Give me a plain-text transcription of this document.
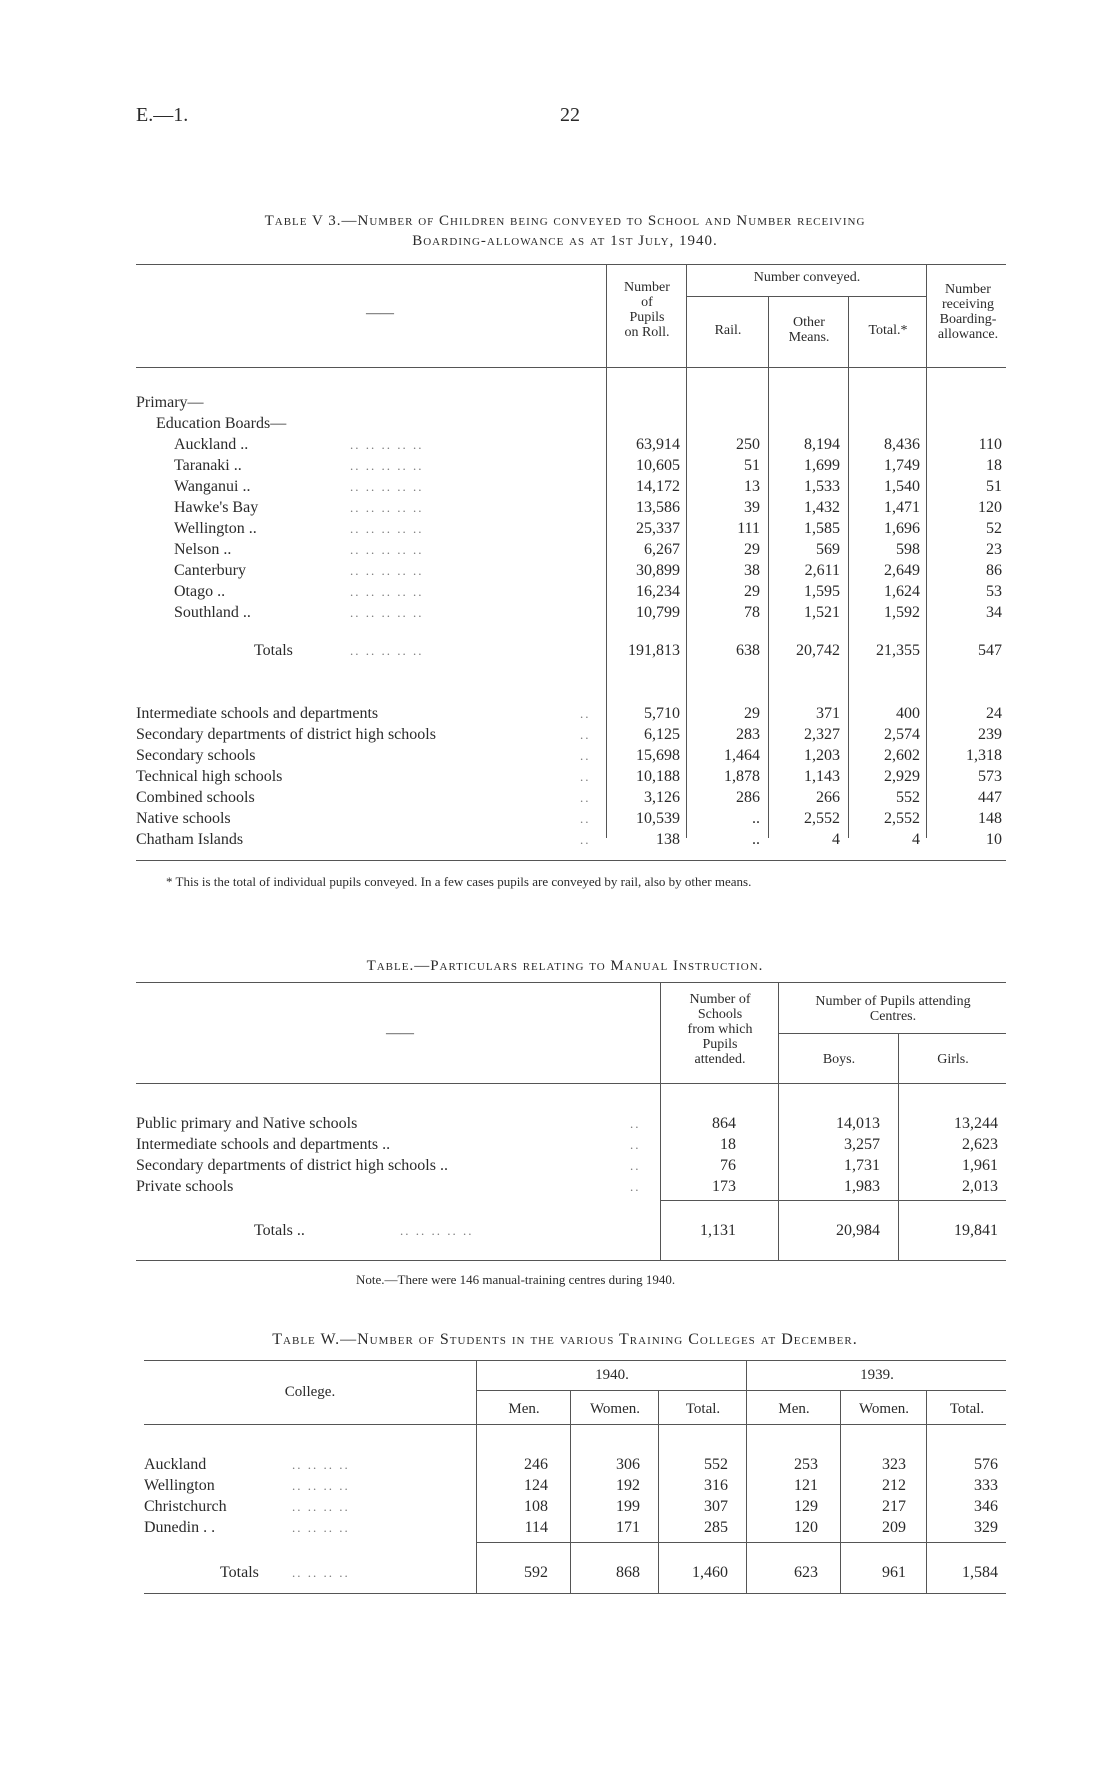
E.—1.	22
Table V 3.—Number of Children being conveyed to School and Number receiving
Boarding-allowance as at 1st July, 1940.
——
Number
of
Pupils
on Roll.
Number conveyed.
Rail.
Other
Means.	Total.*
Number
receiving
Boarding-
allowance.
Primary—
Education Boards—
Auckland ..	.. .. .. .. ..	63,914	250	8,194	8,436	110
Taranaki ..	.. .. .. .. ..	10,605	51	1,699	1,749	18
Wanganui ..	.. .. .. .. ..	14,172	13	1,533	1,540	51
Hawke's Bay	.. .. .. .. ..	13,586	39	1,432	1,471	120
Wellington ..	.. .. .. .. ..	25,337	111	1,585	1,696	52
Nelson ..	.. .. .. .. ..	6,267	29	569	598	23
Canterbury	.. .. .. .. ..	30,899	38	2,611	2,649	86
Otago ..	.. .. .. .. ..	16,234	29	1,595	1,624	53
Southland ..	.. .. .. .. ..	10,799	78	1,521	1,592	34
Totals	.. .. .. .. ..	191,813	638	20,742	21,355	547
Intermediate schools and departments	..	5,710	29	371	400	24
Secondary departments of district high schools	..	6,125	283	2,327	2,574	239
Secondary schools	..	15,698	1,464	1,203	2,602	1,318
Technical high schools	..	10,188	1,878	1,143	2,929	573
Combined schools	..	3,126	286	266	552	447
Native schools	..	10,539	..	2,552	2,552	148
Chatham Islands	..	138	..	4	4	10
* This is the total of individual pupils conveyed. In a few cases pupils are conveyed by rail, also by other means.
Table.—Particulars relating to Manual Instruction.
——
Number of
Schools
from which
Pupils
attended.
Number of Pupils attending
Centres.
Boys.	Girls.
Public primary and Native schools	..	864	14,013	13,244
Intermediate schools and departments ..	..	18	3,257	2,623
Secondary departments of district high schools ..	..	76	1,731	1,961
Private schools	..	173	1,983	2,013
Totals ..	.. .. .. .. ..	1,131	20,984	19,841
Note.—There were 146 manual-training centres during 1940.
Table W.—Number of Students in the various Training Colleges at December.
College.
1940.	1939.
Men.	Women.	Total.	Men.	Women.	Total.
Auckland	.. .. .. ..	246	306	552	253	323	576
Wellington	.. .. .. ..	124	192	316	121	212	333
Christchurch	.. .. .. ..	108	199	307	129	217	346
Dunedin . .	.. .. .. ..	114	171	285	120	209	329
Totals	.. .. .. ..	592	868	1,460	623	961	1,584
